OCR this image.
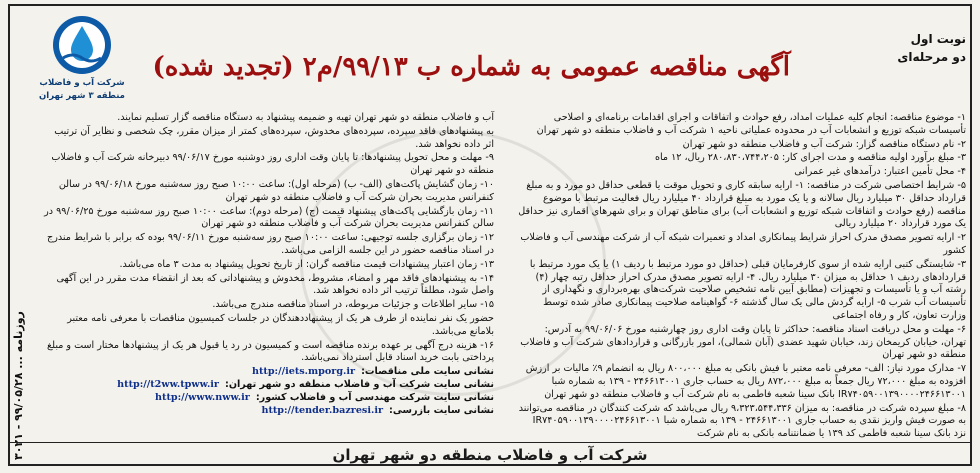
نوبت اول
دو مرحله‌ای
آگهی مناقصه عمومی به شماره ب ۹۹/۱۳/م۲ (تجدید شده)
شرکت آب و فاضلاب
منطقه ۳ شهر تهران

۱- موضوع مناقصه: انجام کلیه عملیات امداد، رفع حوادث و اتفاقات و اجرای اقدامات برنامه‌ای و اصلاحی تأسیسات شبکه توزیع و انشعابات آب در محدوده عملیاتی ناحیه ۱ شرکت آب و فاضلاب منطقه دو شهر تهران

۲- نام دستگاه مناقصه گزار: شرکت آب و فاضلاب منطقه دو شهر تهران

۳- مبلغ برآورد اولیه مناقصه و مدت اجرای کار: ۲۸۰،۸۳۰،۷۴۴،۲۰۵ ریال، ۱۲ ماه

۴- محل تأمین اعتبار: درآمدهای غیر عمرانی

۵- شرایط اختصاصی شرکت در مناقصه: ۱- ارایه سابقه کاری و تحویل موقت یا قطعی حداقل دو مورد و به مبلغ قرارداد حداقل ۳۰ میلیارد ریال سالانه و یا یک مورد به مبلغ قرارداد ۴۰ میلیارد ریال فعالیت مرتبط با موضوع مناقصه (رفع حوادث و اتفاقات شبکه توزیع و انشعابات آب) برای مناطق تهران و برای شهرهای اقماری نیز حداقل یک مورد قرارداد ۲۰ میلیارد ریالی

۲- ارایه تصویر مصدق مدرک احراز شرایط پیمانکاری امداد و تعمیرات شبکه آب از شرکت مهندسی آب و فاضلاب کشور

۳- شایستگی کتبی ارایه شده از سوی کارفرمایان قبلی (حداقل دو مورد مرتبط با ردیف ۱) یا یک مورد مرتبط با قراردادهای ردیف ۱ حداقل به میزان ۳۰ میلیارد ریال. ۴- ارایه تصویر مصدق مدرک احراز حداقل رتبه چهار (۴) رشته آب و یا تأسیسات و تجهیزات (مطابق آیین نامه تشخیص صلاحیت شرکت‌های بهره‌برداری و نگهداری از تأسیسات آب شرب ۵- ارایه گردش مالی یک سال گذشته ۶- گواهینامه صلاحیت پیمانکاری صادر شده توسط وزارت تعاون، کار و رفاه اجتماعی

۶- مهلت و محل دریافت اسناد مناقصه: حداکثر تا پایان وقت اداری روز چهارشنبه مورخ ۹۹/۰۶/۰۶ به آدرس: تهران، خیابان کریمخان زند، خیابان شهید عضدی (آبان شمالی)، امور بازرگانی و قراردادهای شرکت آب و فاضلاب منطقه دو شهر تهران

۷- مدارک مورد نیاز: الف- معرفی نامه معتبر با فیش بانکی به مبلغ ۸۰۰،۰۰۰ ریال به انضمام ۹٪ مالیات بر ارزش افزوده به مبلغ ۷۲،۰۰۰ ریال جمعاً به مبلغ ۸۷۲،۰۰۰ ریال به حساب جاری ۲۴۶۶۱۳۰۰۱ - ۱۳۹ به شماره شبا IR۷۴۰۵۹۰۰۱۳۹۰۰۰۰۲۴۶۶۱۳۰۰۱ بانک سینا شعبه فاطمی به نام شرکت آب و فاضلاب منطقه دو شهر تهران

۸- مبلغ سپرده شرکت در مناقصه: به میزان ۹،۳۲۳،۵۴۴،۳۳۶ ریال می‌باشد که شرکت کنندگان در مناقصه می‌توانند به صورت فیش واریز نقدی به حساب جاری ۲۴۶۶۱۳۰۰۱ - ۱۳۹ به شماره شبا IR۷۴۰۵۹۰۰۱۳۹۰۰۰۰۲۴۶۶۱۳۰۰۱ نزد بانک سینا شعبه فاطمی کد ۱۳۹ یا ضمانتنامه بانکی به نام شرکت

آب و فاضلاب منطقه دو شهر تهران تهیه و ضمیمه پیشنهاد به دستگاه مناقصه گزار تسلیم نمایند.

به پیشنهادهای فاقد سپرده، سپرده‌های مخدوش، سپرده‌های کمتر از میزان مقرر، چک شخصی و نظایر آن ترتیب اثر داده نخواهد شد.

۹- مهلت و محل تحویل پیشنهادها: تا پایان وقت اداری روز دوشنبه مورخ ۹۹/۰۶/۱۷ دبیرخانه شرکت آب و فاضلاب منطقه دو شهر تهران

۱۰- زمان گشایش پاکت‌های (الف- ب) (مرحله اول): ساعت ۱۰:۰۰ صبح روز سه‌شنبه مورخ ۹۹/۰۶/۱۸ در سالن کنفرانس مدیریت بحران شرکت آب و فاضلاب منطقه دو شهر تهران

۱۱- زمان بازگشایی پاکت‌های پیشنهاد قیمت (ج) (مرحله دوم): ساعت ۱۰:۰۰ صبح روز سه‌شنبه مورخ ۹۹/۰۶/۲۵ در سالن کنفرانس مدیریت بحران شرکت آب و فاضلاب منطقه دو شهر تهران

۱۲- زمان برگزاری جلسه توجیهی: ساعت ۱۰:۰۰ صبح روز سه‌شنبه مورخ ۹۹/۰۶/۱۱ بوده که برابر با شرایط مندرج در اسناد مناقصه حضور در این جلسه الزامی می‌باشد.

۱۳- زمان اعتبار پیشنهادات قیمت مناقصه گران: از تاریخ تحویل پیشنهاد به مدت ۳ ماه می‌باشد.

۱۴- به پیشنهادهای فاقد مهر و امضاء، مشروط، مخدوش و پیشنهاداتی که بعد از انقضاء مدت مقرر در این آگهی واصل شود، مطلقاً ترتیب اثر داده نخواهد شد.

۱۵- سایر اطلاعات و جزئیات مربوطه، در اسناد مناقصه مندرج می‌باشد.

حضور یک نفر نماینده از طرف هر یک از پیشنهاددهندگان در جلسات کمیسیون مناقصات با معرفی نامه معتبر بلامانع می‌باشد.

۱۶- هزینه درج آگهی بر عهده برنده مناقصه است و کمیسیون در رد یا قبول هر یک از پیشنهادها مختار است و مبلغ پرداختی بابت خرید اسناد قابل استرداد نمی‌باشد.

نشانی سایت ملی مناقصات:
http://iets.mporg.ir
نشانی سایت شرکت آب و فاضلاب منطقه دو شهر تهران:
http://t2ww.tpww.ir
نشانی سایت شرکت مهندسی آب و فاضلاب کشور:
http://www.nww.ir
نشانی سایت بازرسی:
http://tender.bazresi.ir
روزنامه ... ۹۹/۰۵/۲۸ - ۳۰۲۱
شرکت آب و فاضلاب منطقه دو شهر تهران
